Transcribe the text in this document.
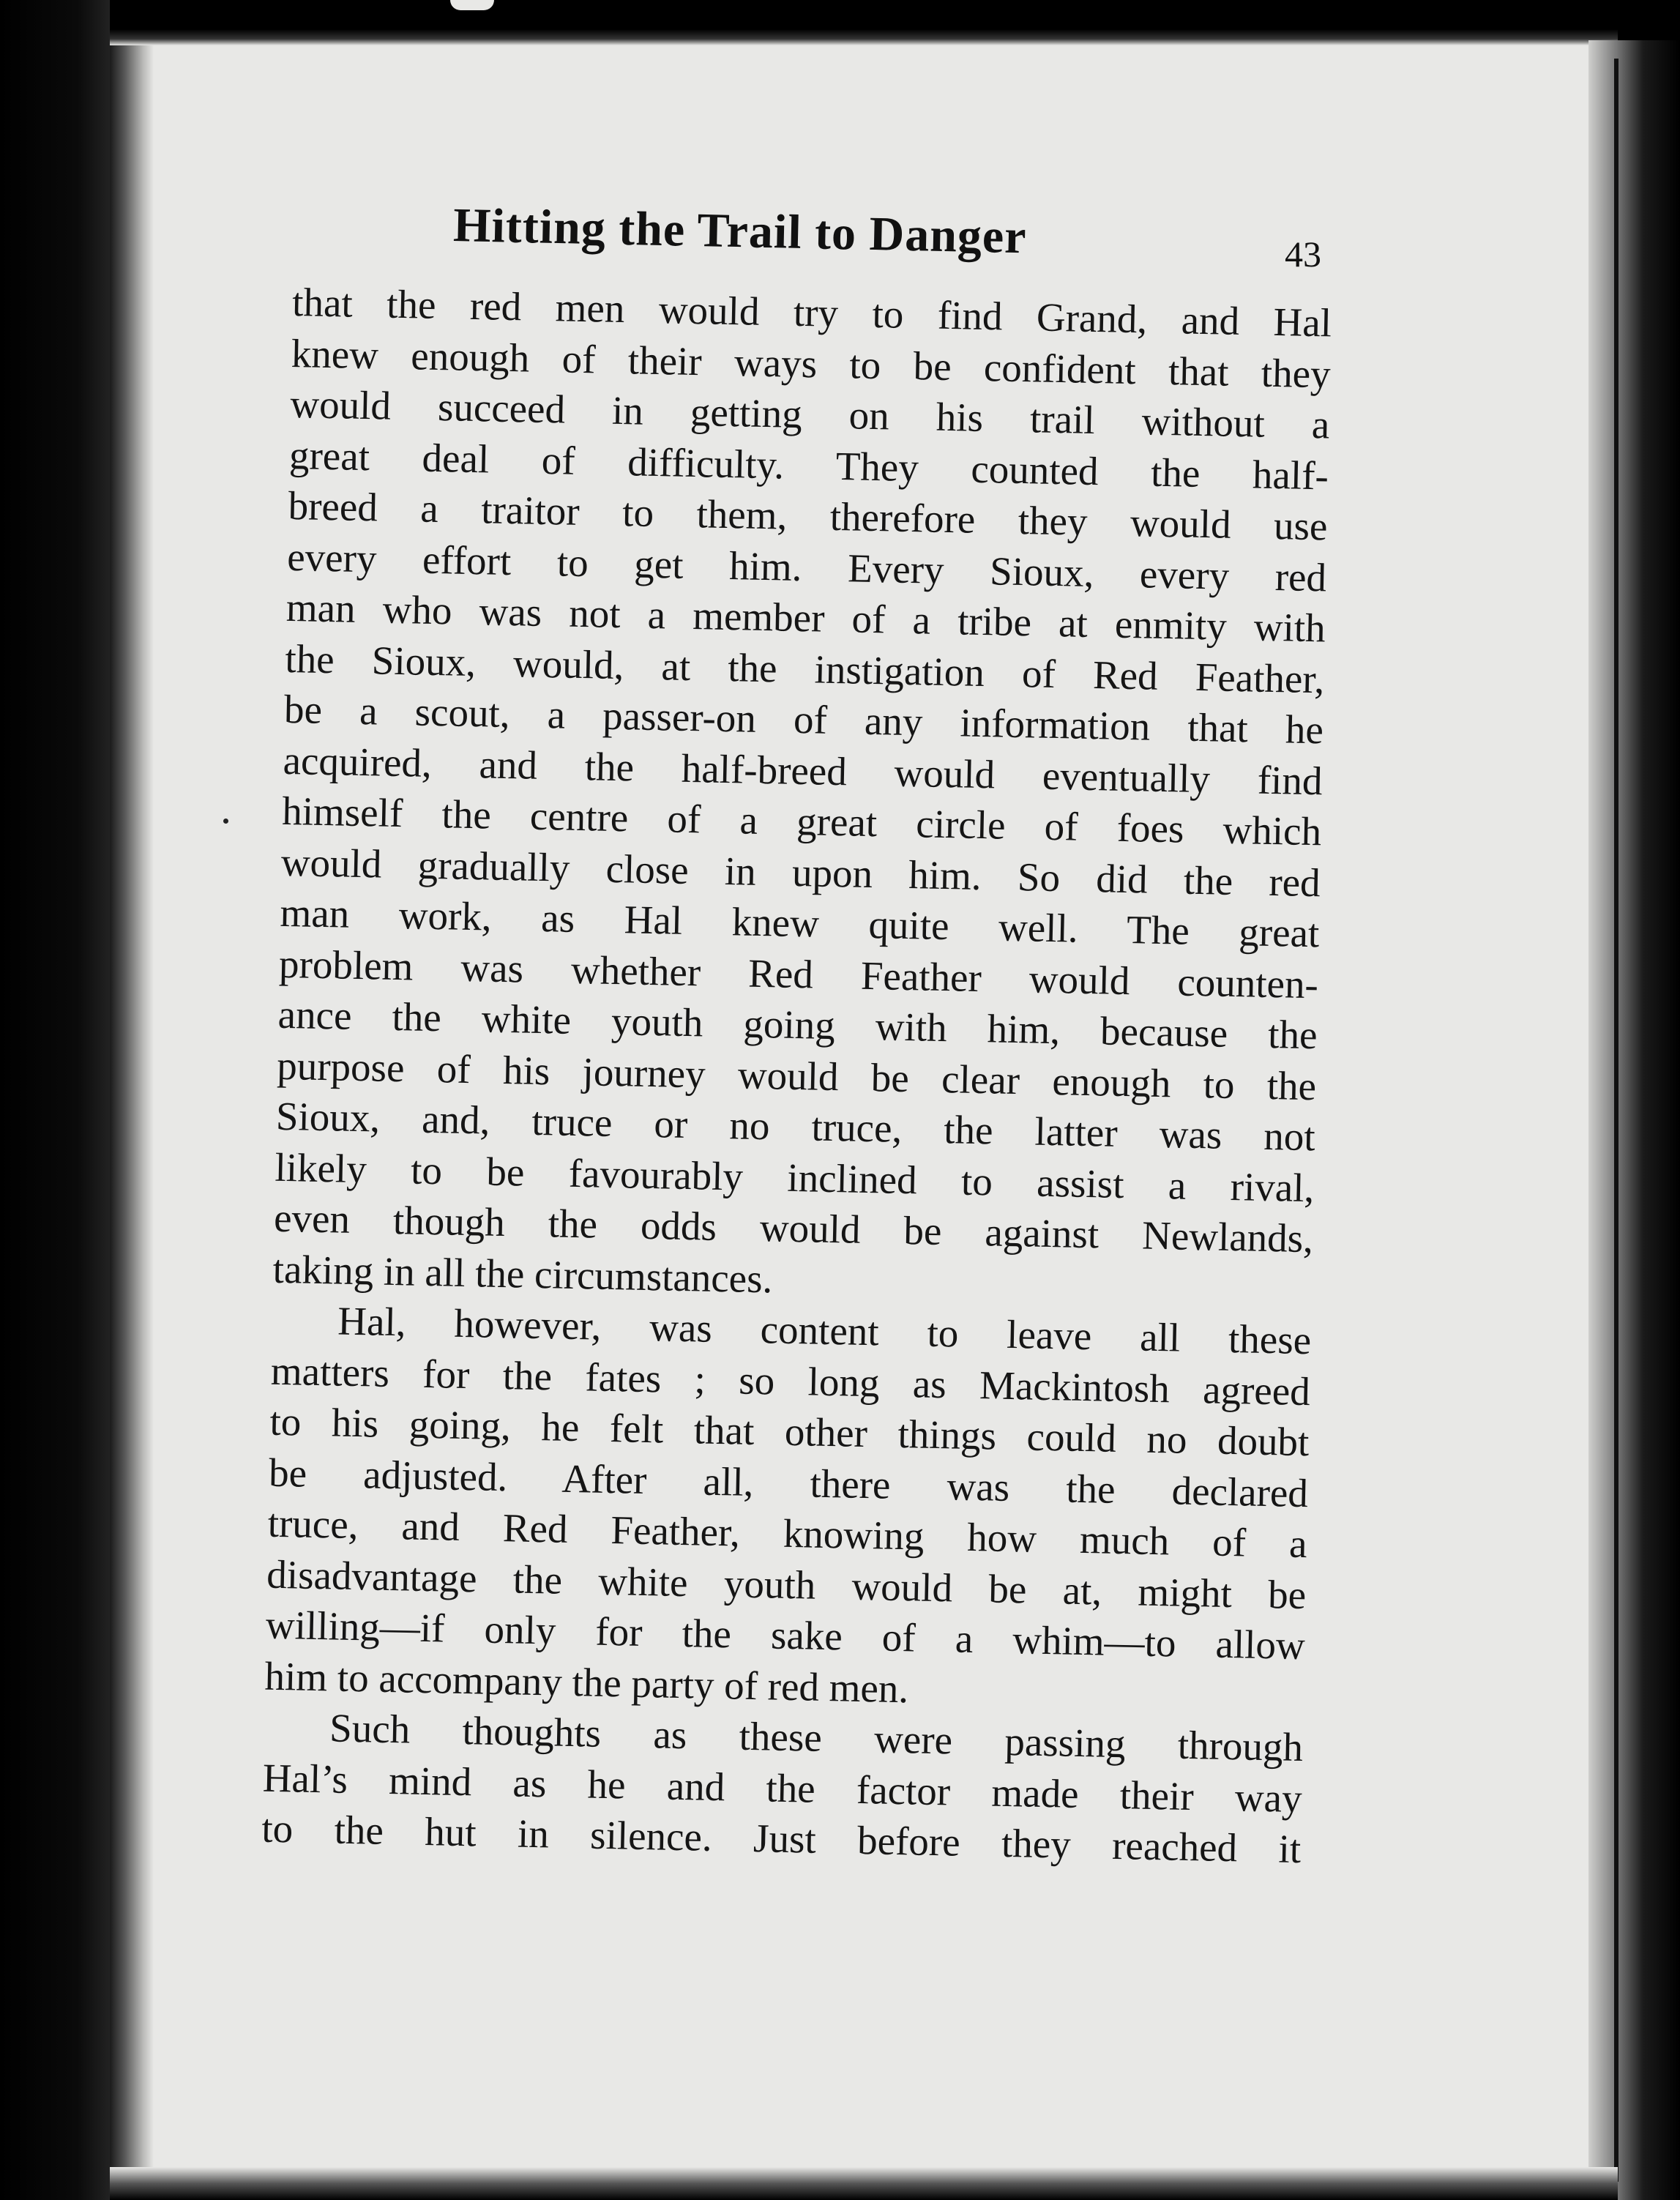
Hitting the Trail to Danger	43
that the red men would try to find Grand, and Hal
knew enough of their ways to be confident that they
would succeed in getting on his trail without a
great deal of difficulty. They counted the half-
breed a traitor to them, therefore they would use
every effort to get him. Every Sioux, every red
man who was not a member of a tribe at enmity with
the Sioux, would, at the instigation of Red Feather,
be a scout, a passer-on of any information that he
acquired, and the half-breed would eventually find
himself the centre of a great circle of foes which
would gradually close in upon him. So did the red
man work, as Hal knew quite well. The great
problem was whether Red Feather would counten-
ance the white youth going with him, because the
purpose of his journey would be clear enough to the
Sioux, and, truce or no truce, the latter was not
likely to be favourably inclined to assist a rival,
even though the odds would be against Newlands,
taking in all the circumstances.
Hal, however, was content to leave all these
matters for the fates ; so long as Mackintosh agreed
to his going, he felt that other things could no doubt
be adjusted. After all, there was the declared
truce, and Red Feather, knowing how much of a
disadvantage the white youth would be at, might be
willing—if only for the sake of a whim—to allow
him to accompany the party of red men.
Such thoughts as these were passing through
Hal’s mind as he and the factor made their way
to the hut in silence. Just before they reached it
